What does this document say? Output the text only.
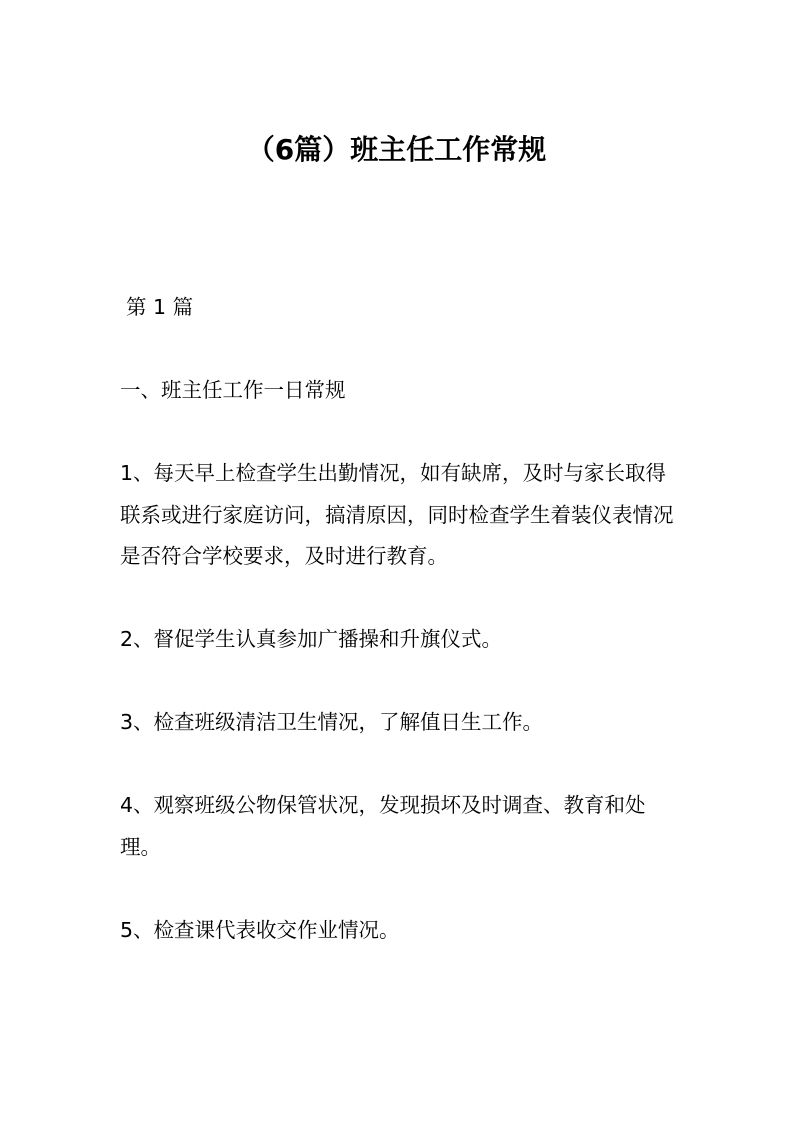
（6篇）班主任工作常规

第 1 篇

一、班主任工作一日常规

1、每天早上检查学生出勤情况，如有缺席，及时与家长取得联系或进行家庭访问，搞清原因，同时检查学生着装仪表情况是否符合学校要求，及时进行教育。

2、督促学生认真参加广播操和升旗仪式。

3、检查班级清洁卫生情况，了解值日生工作。

4、观察班级公物保管状况，发现损坏及时调查、教育和处理。

5、检查课代表收交作业情况。
